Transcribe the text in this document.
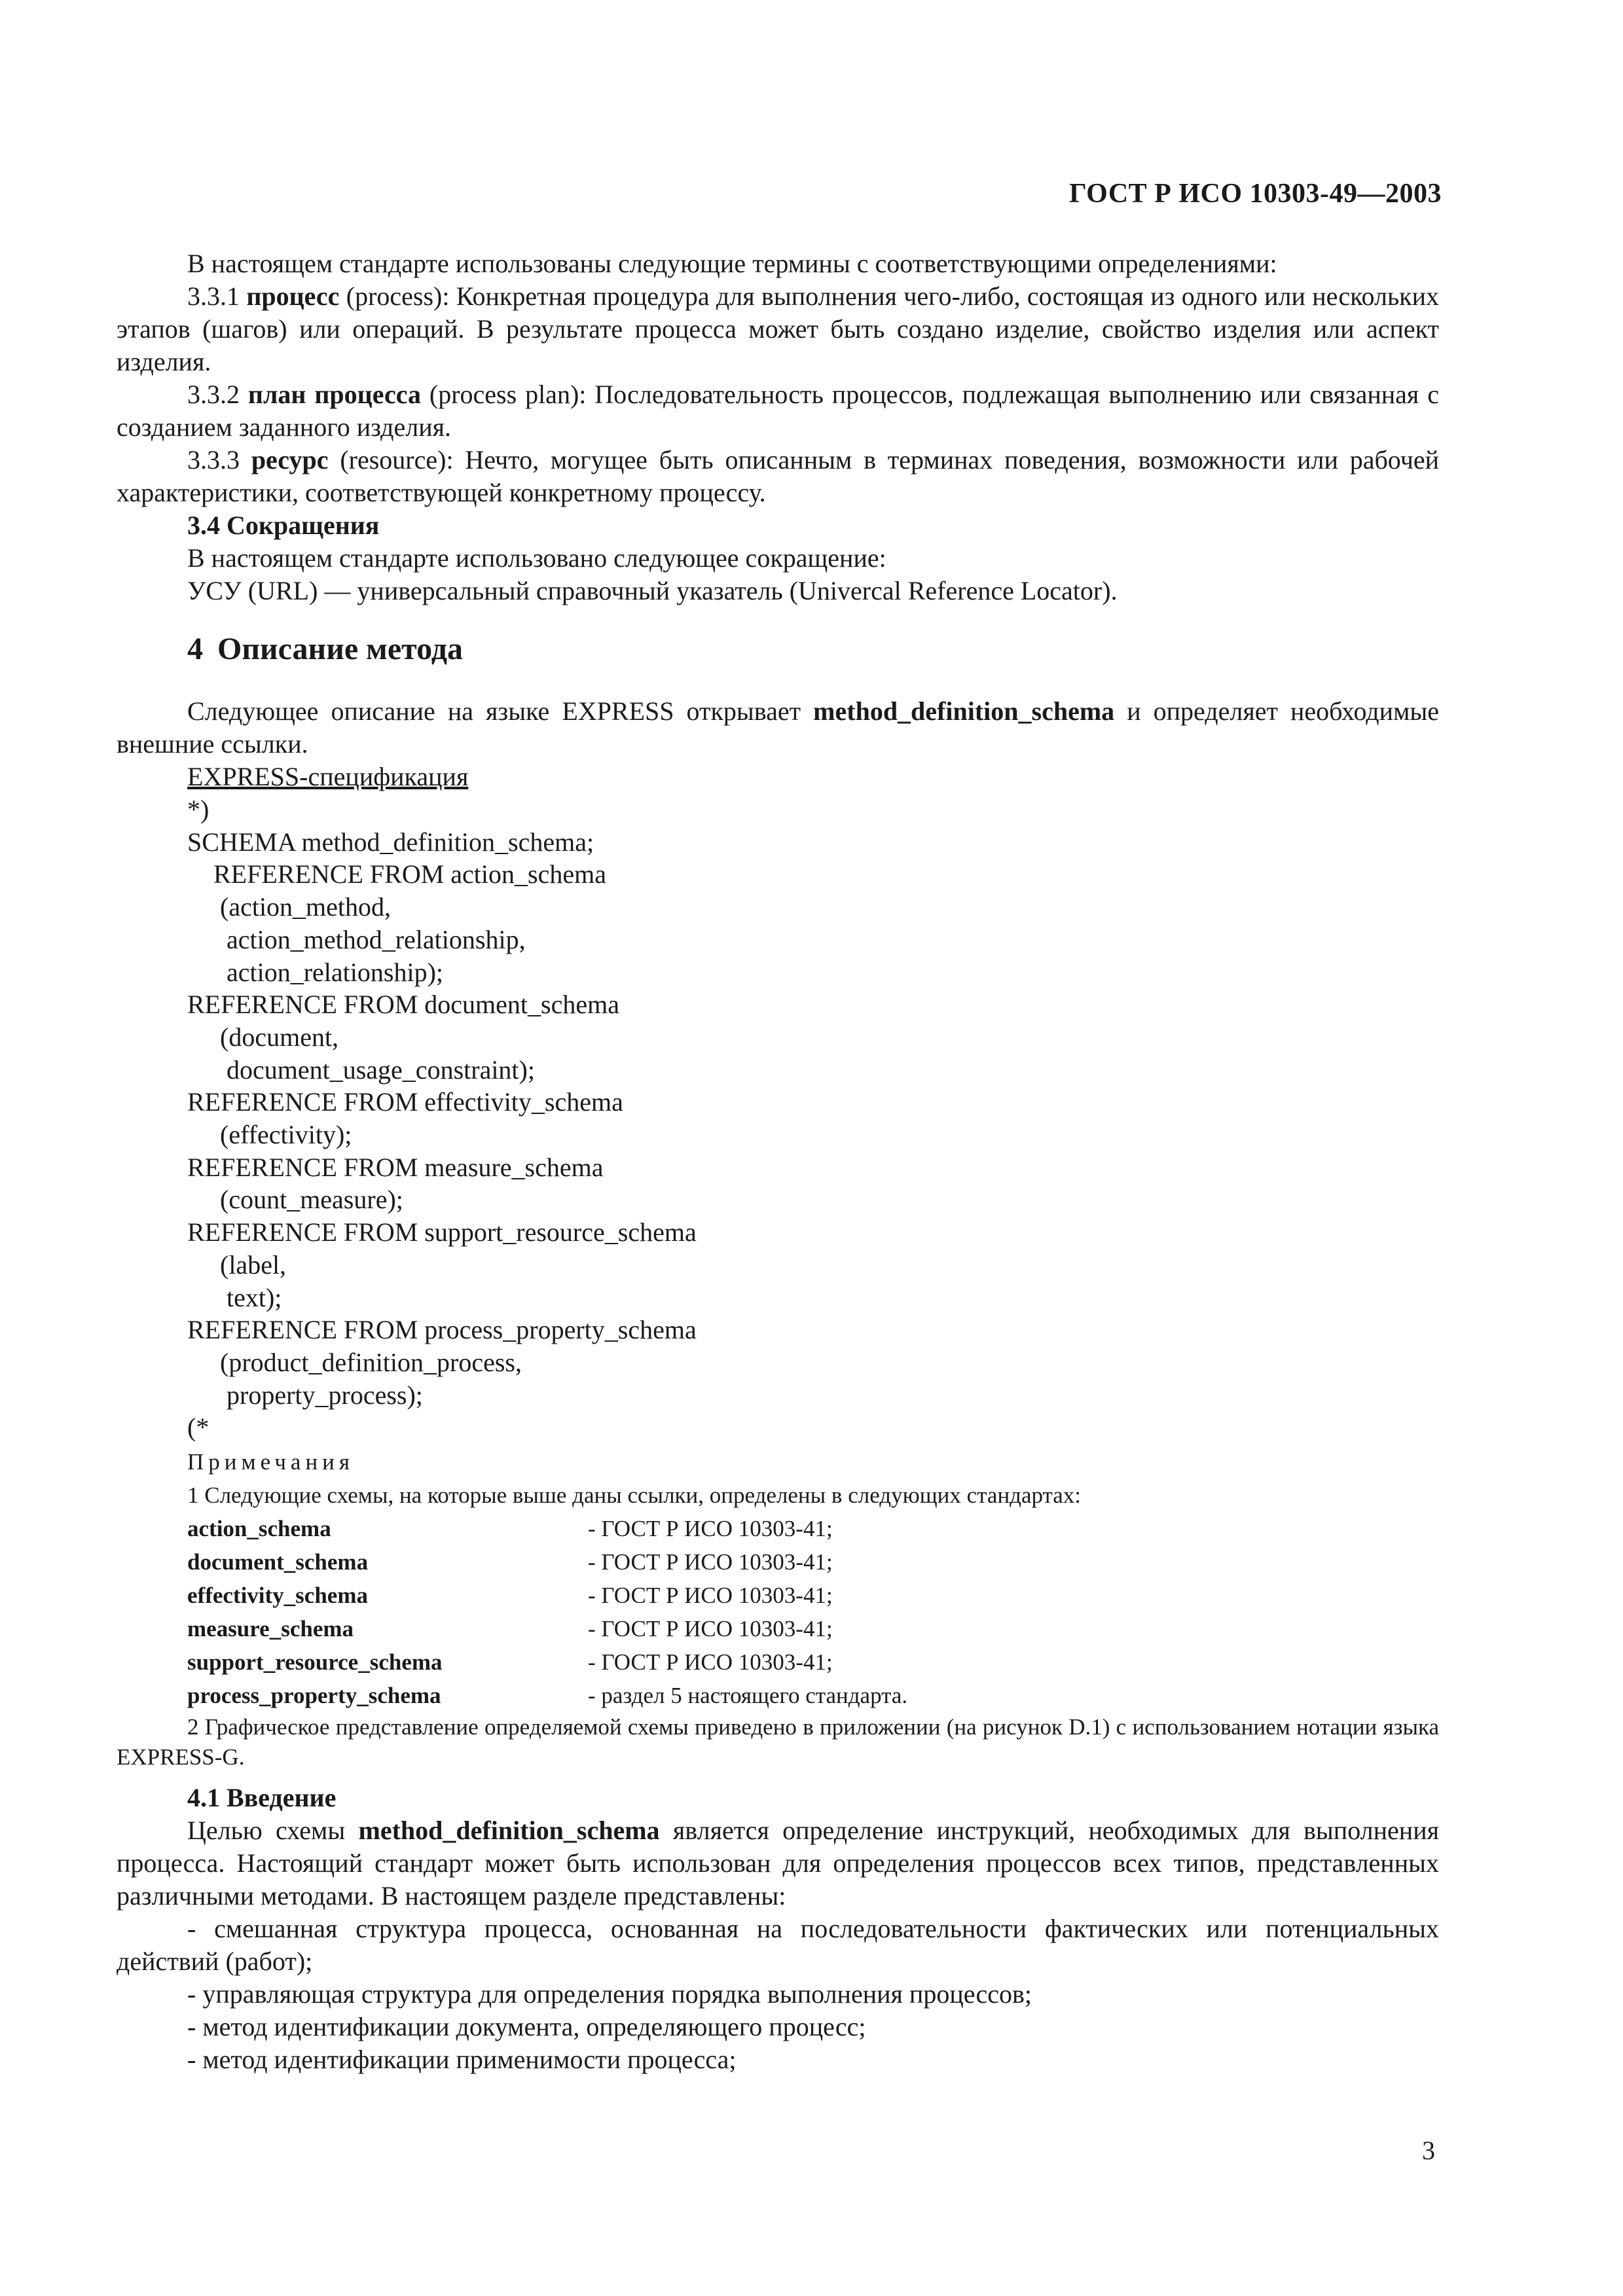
ГОСТ Р ИСО 10303-49—2003

В настоящем стандарте использованы следующие термины с соответствующими определениями:

3.3.1 процесс (process): Конкретная процедура для выполнения чего-либо, состоящая из одного или нескольких этапов (шагов) или операций. В результате процесса может быть создано изделие, свойство изделия или аспект изделия.

3.3.2 план процесса (process plan): Последовательность процессов, подлежащая выполнению или связанная с созданием заданного изделия.

3.3.3 ресурс (resource): Нечто, могущее быть описанным в терминах поведения, возможности или рабочей характеристики, соответствующей конкретному процессу.

3.4 Сокращения

В настоящем стандарте использовано следующее сокращение:

УСУ (URL) — универсальный справочный указатель (Univercal Reference Locator).

4 Описание метода

Следующее описание на языке EXPRESS открывает method_definition_schema и определяет необходимые внешние ссылки.

EXPRESS-спецификация

*)
SCHEMA method_definition_schema;
REFERENCE FROM action_schema
(action_method,
action_method_relationship,
action_relationship);
REFERENCE FROM document_schema
(document,
document_usage_constraint);
REFERENCE FROM effectivity_schema
(effectivity);
REFERENCE FROM measure_schema
(count_measure);
REFERENCE FROM support_resource_schema
(label,
text);
REFERENCE FROM process_property_schema
(product_definition_process,
property_process);
(*

Примечания

1 Следующие схемы, на которые выше даны ссылки, определены в следующих стандартах:

action_schema	- ГОСТ Р ИСО 10303-41;
document_schema	- ГОСТ Р ИСО 10303-41;
effectivity_schema	- ГОСТ Р ИСО 10303-41;
measure_schema	- ГОСТ Р ИСО 10303-41;
support_resource_schema	- ГОСТ Р ИСО 10303-41;
process_property_schema	- раздел 5 настоящего стандарта.

2 Графическое представление определяемой схемы приведено в приложении (на рисунок D.1) с использованием нотации языка EXPRESS-G.

4.1 Введение

Целью схемы method_definition_schema является определение инструкций, необходимых для выполнения процесса. Настоящий стандарт может быть использован для определения процессов всех типов, представленных различными методами. В настоящем разделе представлены:

- смешанная структура процесса, основанная на последовательности фактических или потенциальных действий (работ);

- управляющая структура для определения порядка выполнения процессов;

- метод идентификации документа, определяющего процесс;

- метод идентификации применимости процесса;

3
